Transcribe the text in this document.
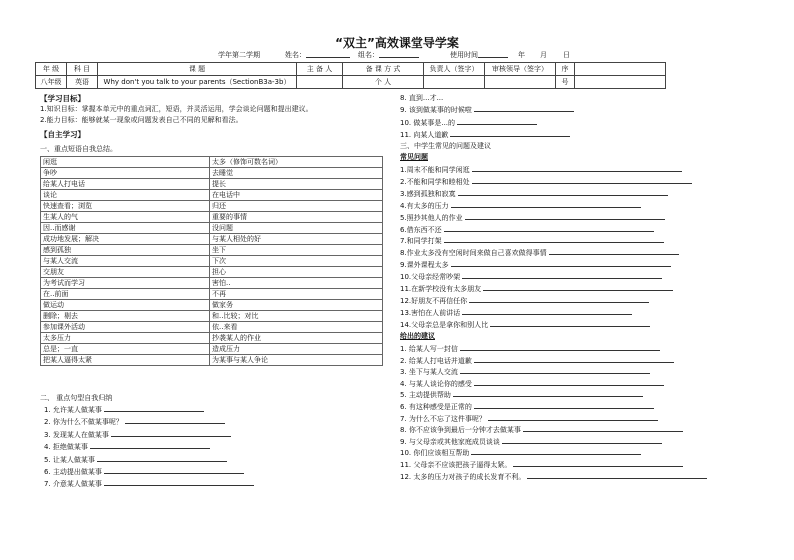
“双主”高效课堂导学案
学年第二学期	姓名：	组名：	使用时间	年 月 日
年 级	科 目	课 题	主 备 人	备 课 方 式	负责人（签字）	审核领导（签字）	序	
八年级	英语	Why don't you talk to your parents（SectionB3a-3b）		个 人			号	
【学习目标】
1.知识目标：掌握本单元中的重点词汇，短语，并灵活运用，学会谈论问题和提出建议。
2.能力目标：能够就某一现象或问题发表自己不同的见解和看法。
【自主学习】
一、重点短语自我总结。
闲逛	太多（修饰可数名词）
争吵	去睡觉
给某人打电话	提长
谈论	在电话中
快速查看；浏览	归还
生某人的气	重要的事情
因..而感谢	没问题
成功地发展；解决	与某人相处的好
感到孤独	坐下
与某人交流	下次
交朋友	担心
为考试而学习	害怕..
在..前面	不再
做运动	做家务
删除；剔去	和..比较；对比
参加课外活动	依..来看
太多压力	抄袭某人的作业
总是；一直	造成压力
把某人逼得太紧	为某事与某人争论
二、 重点句型自我归纳
1. 允许某人做某事
2. 你为什么不做某事呢？
3. 发现某人在做某事
4. 拒绝做某事
5. 让某人做某事
6. 主动提出做某事
7. 介意某人做某事
8. 直到...才...
9. 该到做某事的时候啦
10. 做某事是...的
11. 向某人道歉
三、中学生常见的问题及建议
常见问题
1.周末不能和同学闲逛
2.不能和同学和睦相处
3.感到孤独和寂寞
4.有太多的压力
5.照抄其他人的作业
6.借东西不还
7.和同学打架
8.作业太多没有空闲时间来做自己喜欢做得事情
9.课外课程太多
10.父母亲经常吵架
11.在新学校没有太多朋友
12.好朋友不再信任你
13.害怕在人前讲话
14.父母亲总是拿你和别人比
给出的建议
1. 给某人写一封信
2. 给某人打电话并道歉
3. 坐下与某人交流
4. 与某人谈论你的感受
5. 主动提供帮助
6. 有这种感受是正常的
7. 为什么不忘了这件事呢？
8. 你不应该争到最后一分钟才去做某事
9. 与父母亲或其他家庭成员谈谈
10. 你们应该相互帮助
11. 父母亲不应该把孩子逼得太紧。
12. 太多的压力对孩子的成长发育不利。
